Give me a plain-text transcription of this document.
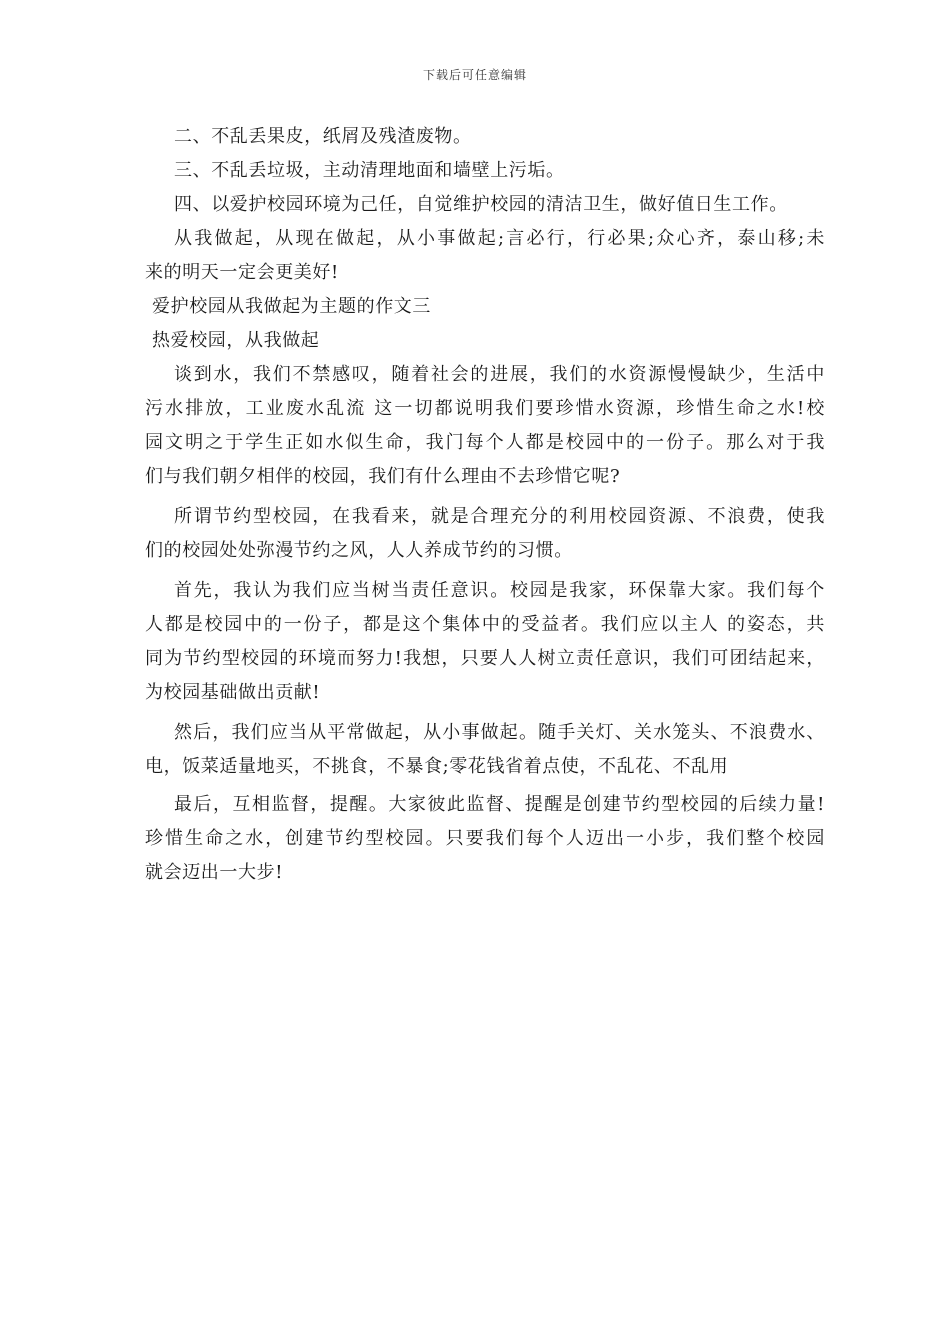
下载后可任意编辑
二、不乱丢果皮，纸屑及残渣废物。
三、不乱丢垃圾，主动清理地面和墙壁上污垢。
四、以爱护校园环境为己任，自觉维护校园的清洁卫生，做好值日生工作。
从我做起，从现在做起，从小事做起;言必行，行必果;众心齐，泰山移;未
来的明天一定会更美好!
爱护校园从我做起为主题的作文三
热爱校园，从我做起
谈到水，我们不禁感叹，随着社会的进展，我们的水资源慢慢缺少，生活中
污水排放，工业废水乱流 这一切都说明我们要珍惜水资源，珍惜生命之水!校
园文明之于学生正如水似生命，我门每个人都是校园中的一份子。那么对于我
们与我们朝夕相伴的校园，我们有什么理由不去珍惜它呢?
所谓节约型校园，在我看来，就是合理充分的利用校园资源、不浪费，使我
们的校园处处弥漫节约之风，人人养成节约的习惯。
首先，我认为我们应当树当责任意识。校园是我家，环保靠大家。我们每个
人都是校园中的一份子，都是这个集体中的受益者。我们应以主人 的姿态，共
同为节约型校园的环境而努力!我想，只要人人树立责任意识，我们可团结起来，
为校园基础做出贡献!
然后，我们应当从平常做起，从小事做起。随手关灯、关水笼头、不浪费水、
电，饭菜适量地买，不挑食，不暴食;零花钱省着点使，不乱花、不乱用
最后，互相监督，提醒。大家彼此监督、提醒是创建节约型校园的后续力量!
珍惜生命之水，创建节约型校园。只要我们每个人迈出一小步，我们整个校园
就会迈出一大步!
